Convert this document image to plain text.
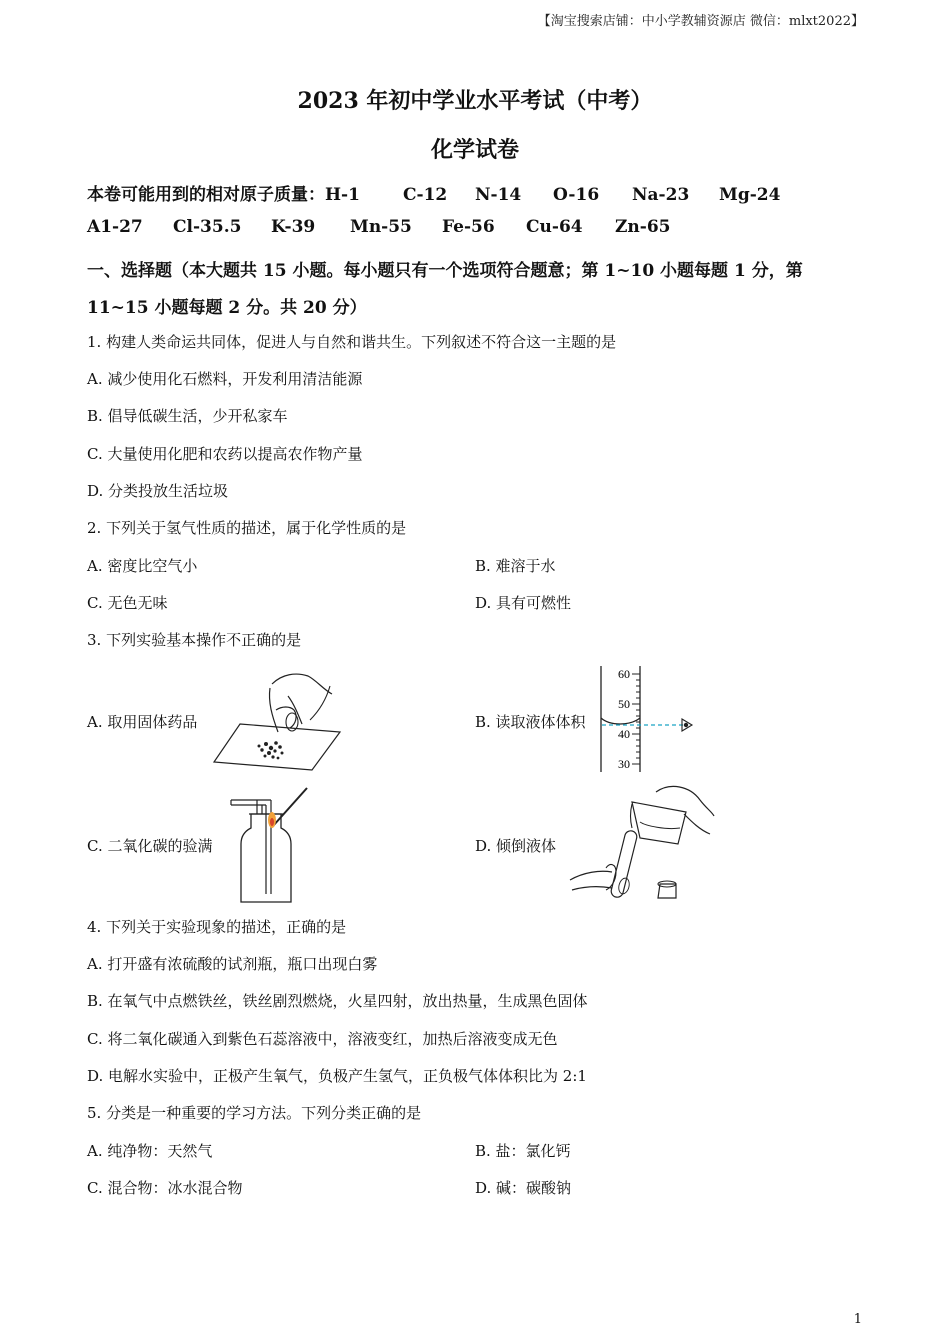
【淘宝搜索店铺：中小学教辅资源店 微信：mlxt2022】
2023 年初中学业水平考试（中考）
化学试卷
本卷可能用到的相对原子质量：H-1	C-12 N-14 O-16 Na-23 Mg-24
A1-27 Cl-35.5 K-39 Mn-55 Fe-56 Cu-64 Zn-65
一、选择题（本大题共 15 小题。每小题只有一个选项符合题意；第 1~10 小题每题 1 分，第
11~15 小题每题 2 分。共 20 分）
1. 构建人类命运共同体，促进人与自然和谐共生。下列叙述不符合这一主题的是
A. 减少使用化石燃料，开发利用清洁能源
B. 倡导低碳生活，少开私家车
C. 大量使用化肥和农药以提高农作物产量
D. 分类投放生活垃圾
2. 下列关于氢气性质的描述，属于化学性质的是
A. 密度比空气小	B. 难溶于水
C. 无色无味	D. 具有可燃性
3. 下列实验基本操作不正确的是
A. 取用固体药品	B. 读取液体体积
C. 二氧化碳的验满	D. 倾倒液体
60
50
40
30
4. 下列关于实验现象的描述，正确的是
A. 打开盛有浓硫酸的试剂瓶，瓶口出现白雾
B. 在氧气中点燃铁丝，铁丝剧烈燃烧，火星四射，放出热量，生成黑色固体
C. 将二氧化碳通入到紫色石蕊溶液中，溶液变红，加热后溶液变成无色
D. 电解水实验中，正极产生氧气，负极产生氢气，正负极气体体积比为 2:1
5. 分类是一种重要的学习方法。下列分类正确的是
A. 纯净物：天然气	B. 盐：氯化钙
C. 混合物：冰水混合物	D. 碱：碳酸钠
1
